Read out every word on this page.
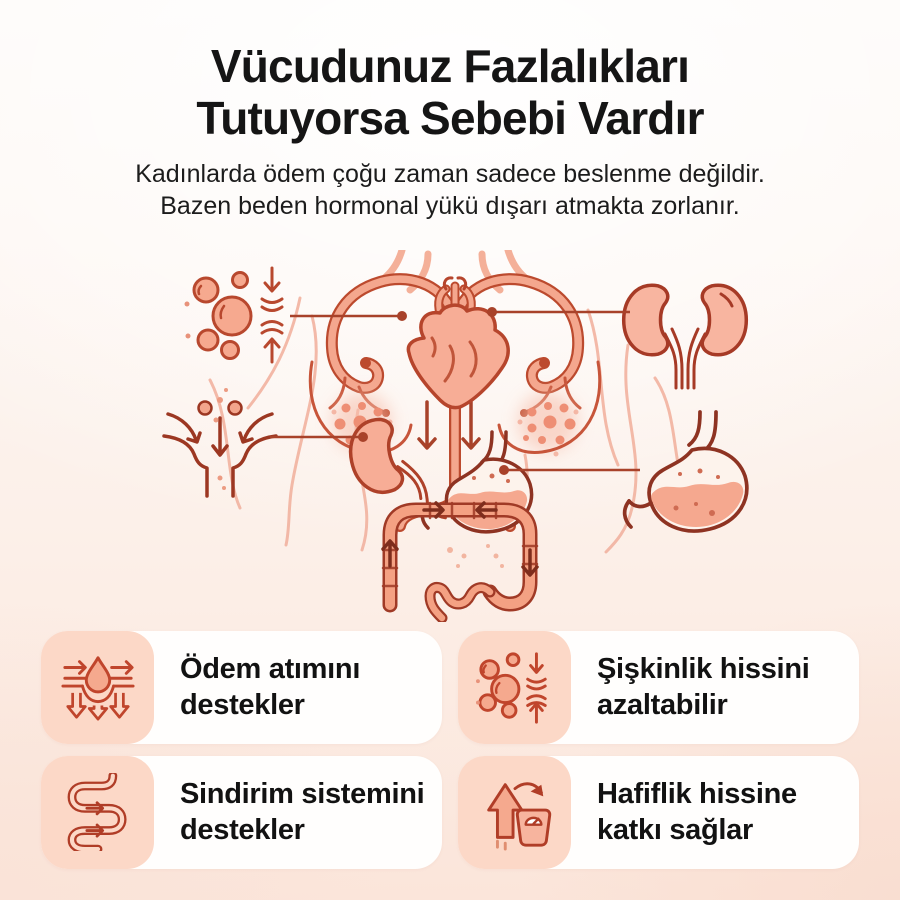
Vücudunuz Fazlalıkları
Tutuyorsa Sebebi Vardır

Kadınlarda ödem çoğu zaman sadece beslenme değildir.
Bazen beden hormonal yükü dışarı atmakta zorlanır.

Ödem atımını
destekler
Şişkinlik hissini
azaltabilir
Sindirim sistemini
destekler
Hafiflik hissine
katkı sağlar
